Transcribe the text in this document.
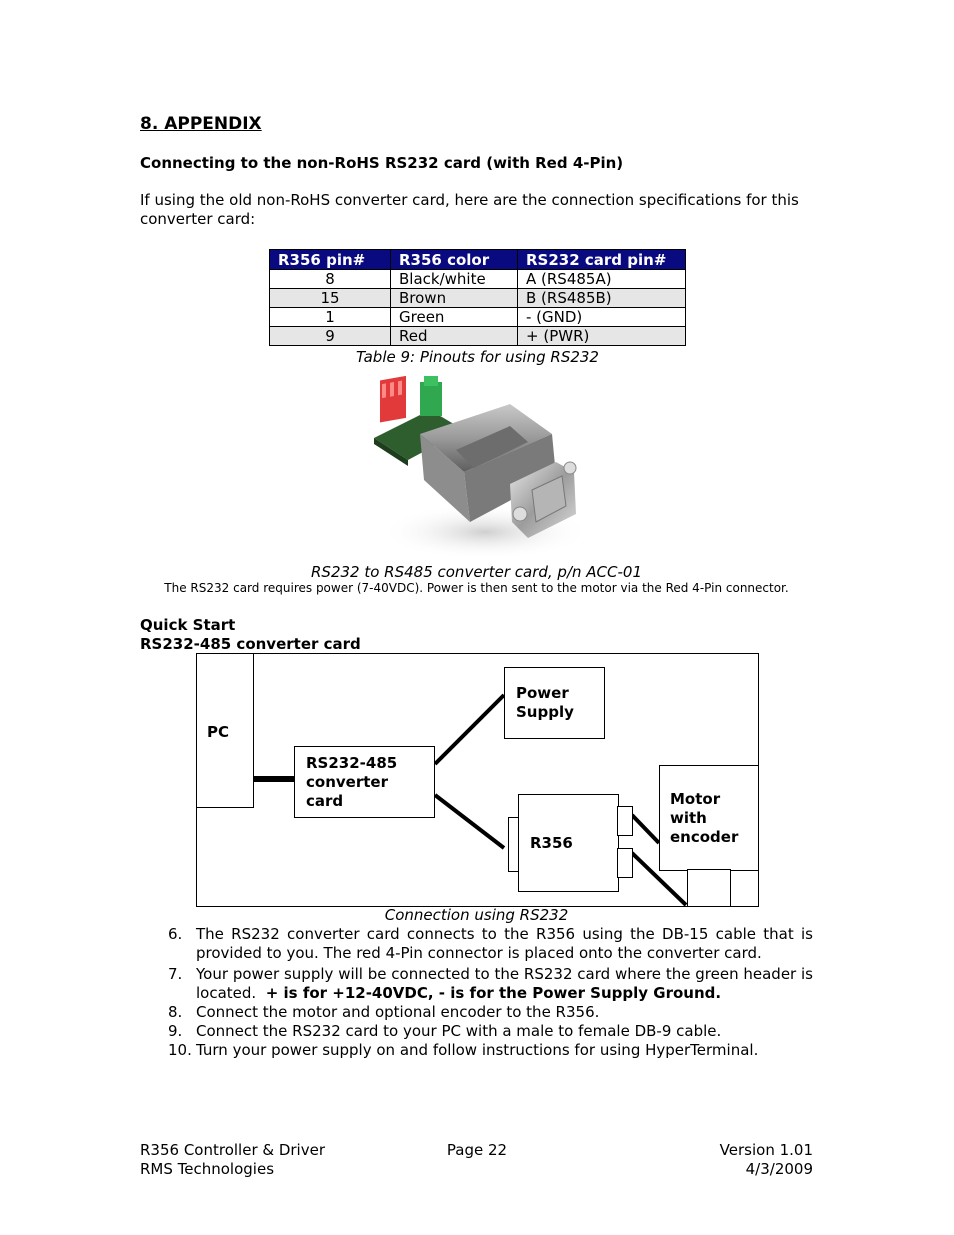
8. APPENDIX
Connecting to the non-RoHS RS232 card (with Red 4-Pin)
If using the old non-RoHS converter card, here are the connection specifications for this converter card:
R356 pin#	R356 color	RS232 card pin#
8	Black/white	A (RS485A)
15	Brown	B (RS485B)
1	Green	- (GND)
9	Red	+ (PWR)
Table 9: Pinouts for using RS232
RS232 to RS485 converter card, p/n ACC-01
The RS232 card requires power (7-40VDC). Power is then sent to the motor via the Red 4-Pin connector.
Quick Start
RS232-485 converter card
PC
Power
Supply
RS232-485
converter
card
R356
Motor
with
encoder
Connection using RS232
6. The RS232 converter card connects to the R356 using the DB-15 cable that is provided to you. The red 4-Pin connector is placed onto the converter card.
7. Your power supply will be connected to the RS232 card where the green header is located. + is for +12-40VDC, - is for the Power Supply Ground.
8. Connect the motor and optional encoder to the R356.
9. Connect the RS232 card to your PC with a male to female DB-9 cable.
10. Turn your power supply on and follow instructions for using HyperTerminal.
R356 Controller & Driver
RMS Technologies
Page 22	Version 1.01
4/3/2009
